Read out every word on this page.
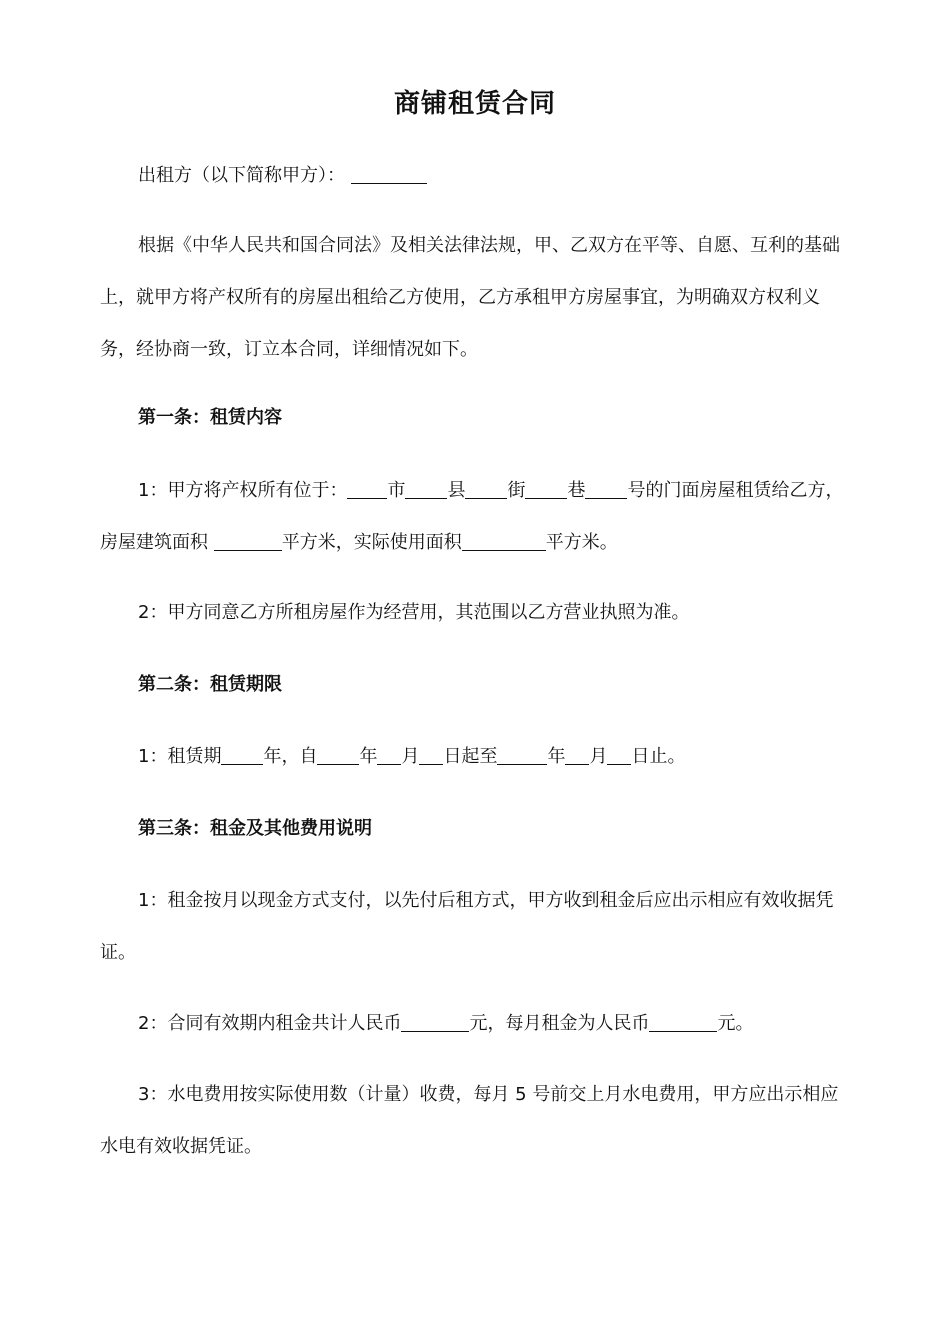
商铺租赁合同
出租方（以下简称甲方）：
根据《中华人民共和国合同法》及相关法律法规，甲、乙双方在平等、自愿、互利的基础上，就甲方将产权所有的房屋出租给乙方使用，乙方承租甲方房屋事宜，为明确双方权利义务，经协商一致，订立本合同，详细情况如下。
第一条：租赁内容
1：甲方将产权所有位于： 市 县 街 巷 号的门面房屋租赁给乙方，房屋建筑面积	平方米，实际使用面积	平方米。
2：甲方同意乙方所租房屋作为经营用，其范围以乙方营业执照为准。
第二条：租赁期限
1：租赁期 年，自 年 月 日起至	年 月 日止。
第三条：租金及其他费用说明
1：租金按月以现金方式支付，以先付后租方式，甲方收到租金后应出示相应有效收据凭证。
2：合同有效期内租金共计人民币	元，每月租金为人民币	元。
3：水电费用按实际使用数（计量）收费，每月 5 号前交上月水电费用，甲方应出示相应水电有效收据凭证。
